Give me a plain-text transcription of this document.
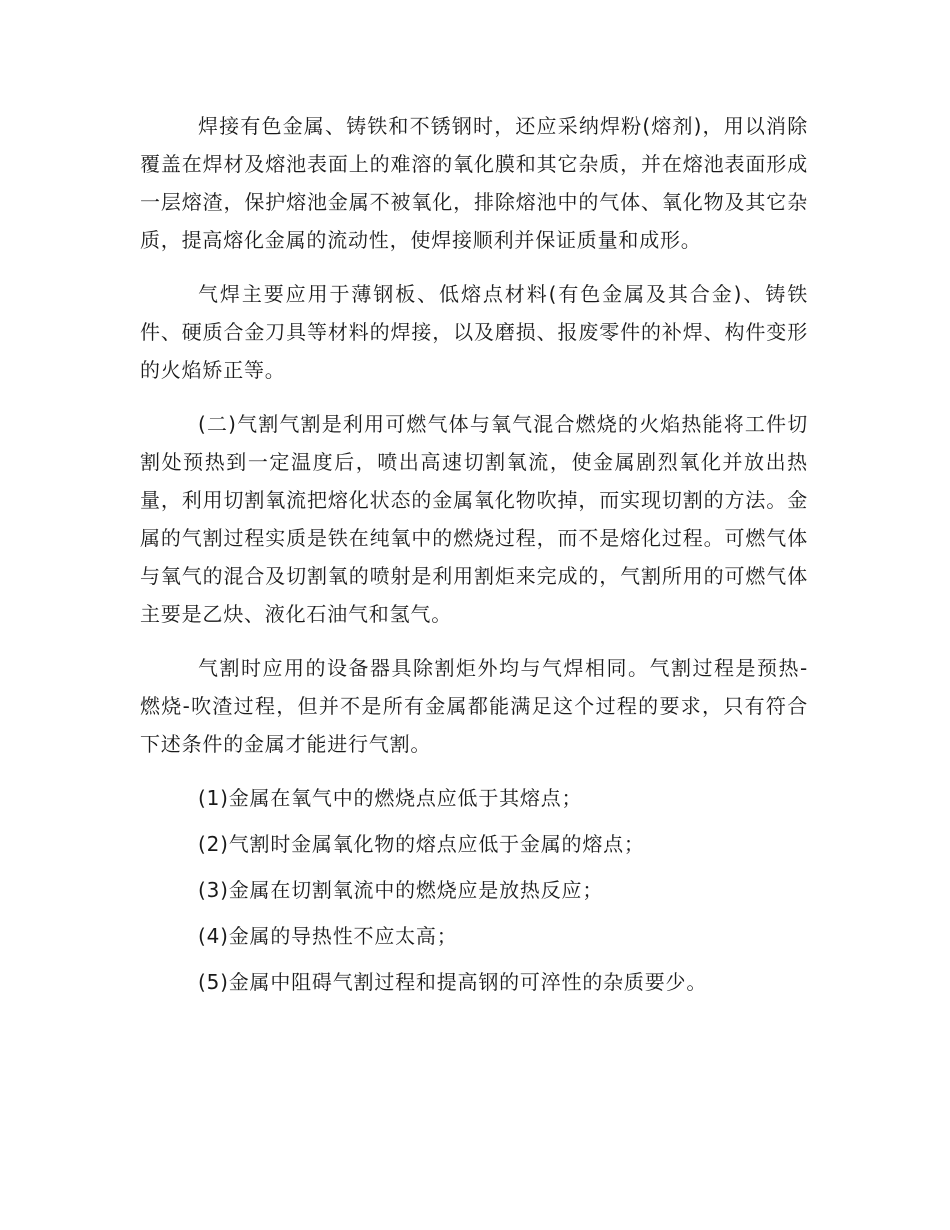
焊接有色金属、铸铁和不锈钢时，还应采纳焊粉(熔剂)，用以消除覆盖在焊材及熔池表面上的难溶的氧化膜和其它杂质，并在熔池表面形成一层熔渣，保护熔池金属不被氧化，排除熔池中的气体、氧化物及其它杂质，提高熔化金属的流动性，使焊接顺利并保证质量和成形。

气焊主要应用于薄钢板、低熔点材料(有色金属及其合金)、铸铁件、硬质合金刀具等材料的焊接，以及磨损、报废零件的补焊、构件变形的火焰矫正等。

(二)气割气割是利用可燃气体与氧气混合燃烧的火焰热能将工件切割处预热到一定温度后，喷出高速切割氧流，使金属剧烈氧化并放出热量，利用切割氧流把熔化状态的金属氧化物吹掉，而实现切割的方法。金属的气割过程实质是铁在纯氧中的燃烧过程，而不是熔化过程。可燃气体与氧气的混合及切割氧的喷射是利用割炬来完成的，气割所用的可燃气体主要是乙炔、液化石油气和氢气。

气割时应用的设备器具除割炬外均与气焊相同。气割过程是预热-燃烧-吹渣过程，但并不是所有金属都能满足这个过程的要求，只有符合下述条件的金属才能进行气割。

(1)金属在氧气中的燃烧点应低于其熔点；

(2)气割时金属氧化物的熔点应低于金属的熔点；

(3)金属在切割氧流中的燃烧应是放热反应；

(4)金属的导热性不应太高；

(5)金属中阻碍气割过程和提高钢的可淬性的杂质要少。
